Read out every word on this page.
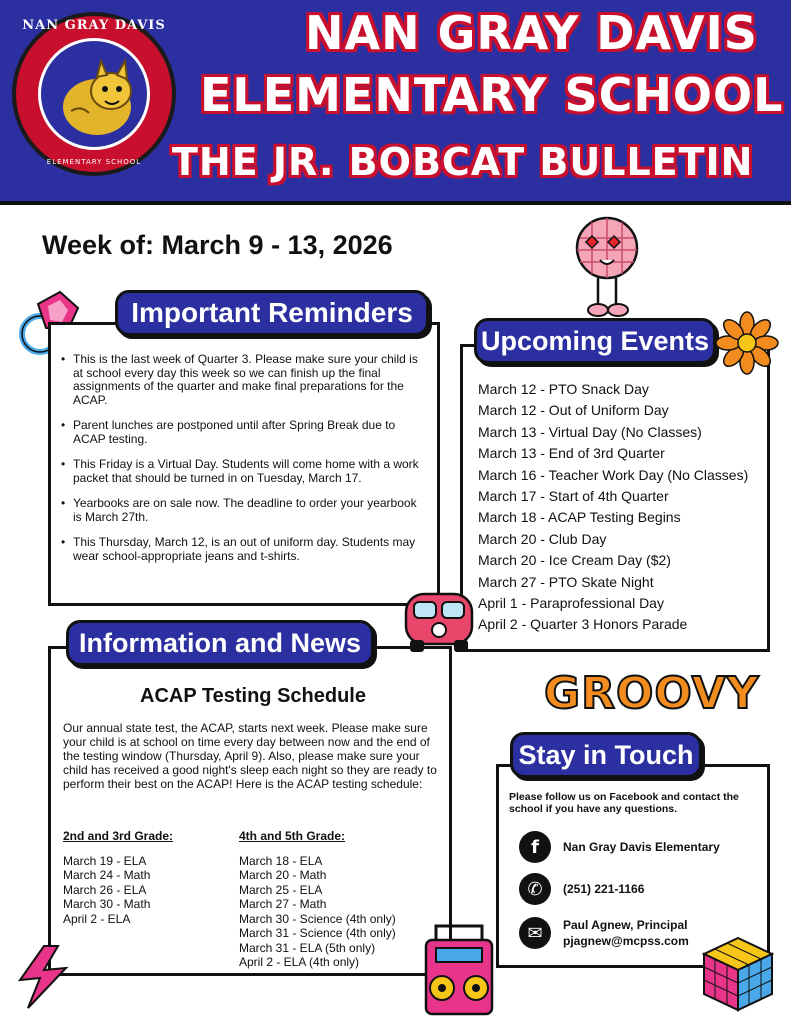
NAN GRAY DAVIS
ELEMENTARY SCHOOL
NAN GRAY DAVIS
ELEMENTARY SCHOOL
THE JR. BOBCAT BULLETIN
Week of: March 9 - 13, 2026
• This is the last week of Quarter 3. Please make sure your child is at school every day this week so we can finish up the final assignments of the quarter and make final preparations for the ACAP.
• Parent lunches are postponed until after Spring Break due to ACAP testing.
• This Friday is a Virtual Day. Students will come home with a work packet that should be turned in on Tuesday, March 17.
• Yearbooks are on sale now. The deadline to order your yearbook is March 27th.
• This Thursday, March 12, is an out of uniform day. Students may wear school-appropriate jeans and t-shirts.
Important Reminders
March 12 - PTO Snack Day
March 12 - Out of Uniform Day
March 13 - Virtual Day (No Classes)
March 13 - End of 3rd Quarter
March 16 - Teacher Work Day (No Classes)
March 17 - Start of 4th Quarter
March 18 - ACAP Testing Begins
March 20 - Club Day
March 20 - Ice Cream Day ($2)
March 27 - PTO Skate Night
April 1 - Paraprofessional Day
April 2 - Quarter 3 Honors Parade
Upcoming Events
ACAP Testing Schedule
Our annual state test, the ACAP, starts next week. Please make sure your child is at school on time every day between now and the end of the testing window (Thursday, April 9). Also, please make sure your child has received a good night's sleep each night so they are ready to perform their best on the ACAP! Here is the ACAP testing schedule:
2nd and 3rd Grade:
March 19 - ELA
March 24 - Math
March 26 - ELA
March 30 - Math
April 2 - ELA
4th and 5th Grade:
March 18 - ELA
March 20 - Math
March 25 - ELA
March 27 - Math
March 30 - Science (4th only)
March 31 - Science (4th only)
March 31 - ELA (5th only)
April 2 - ELA (4th only)
Information and News
GROOVY
Please follow us on Facebook and contact the school if you have any questions.
f	Nan Gray Davis Elementary
✆	(251) 221-1166
✉	Paul Agnew, Principal
pjagnew@mcpss.com
Stay in Touch
